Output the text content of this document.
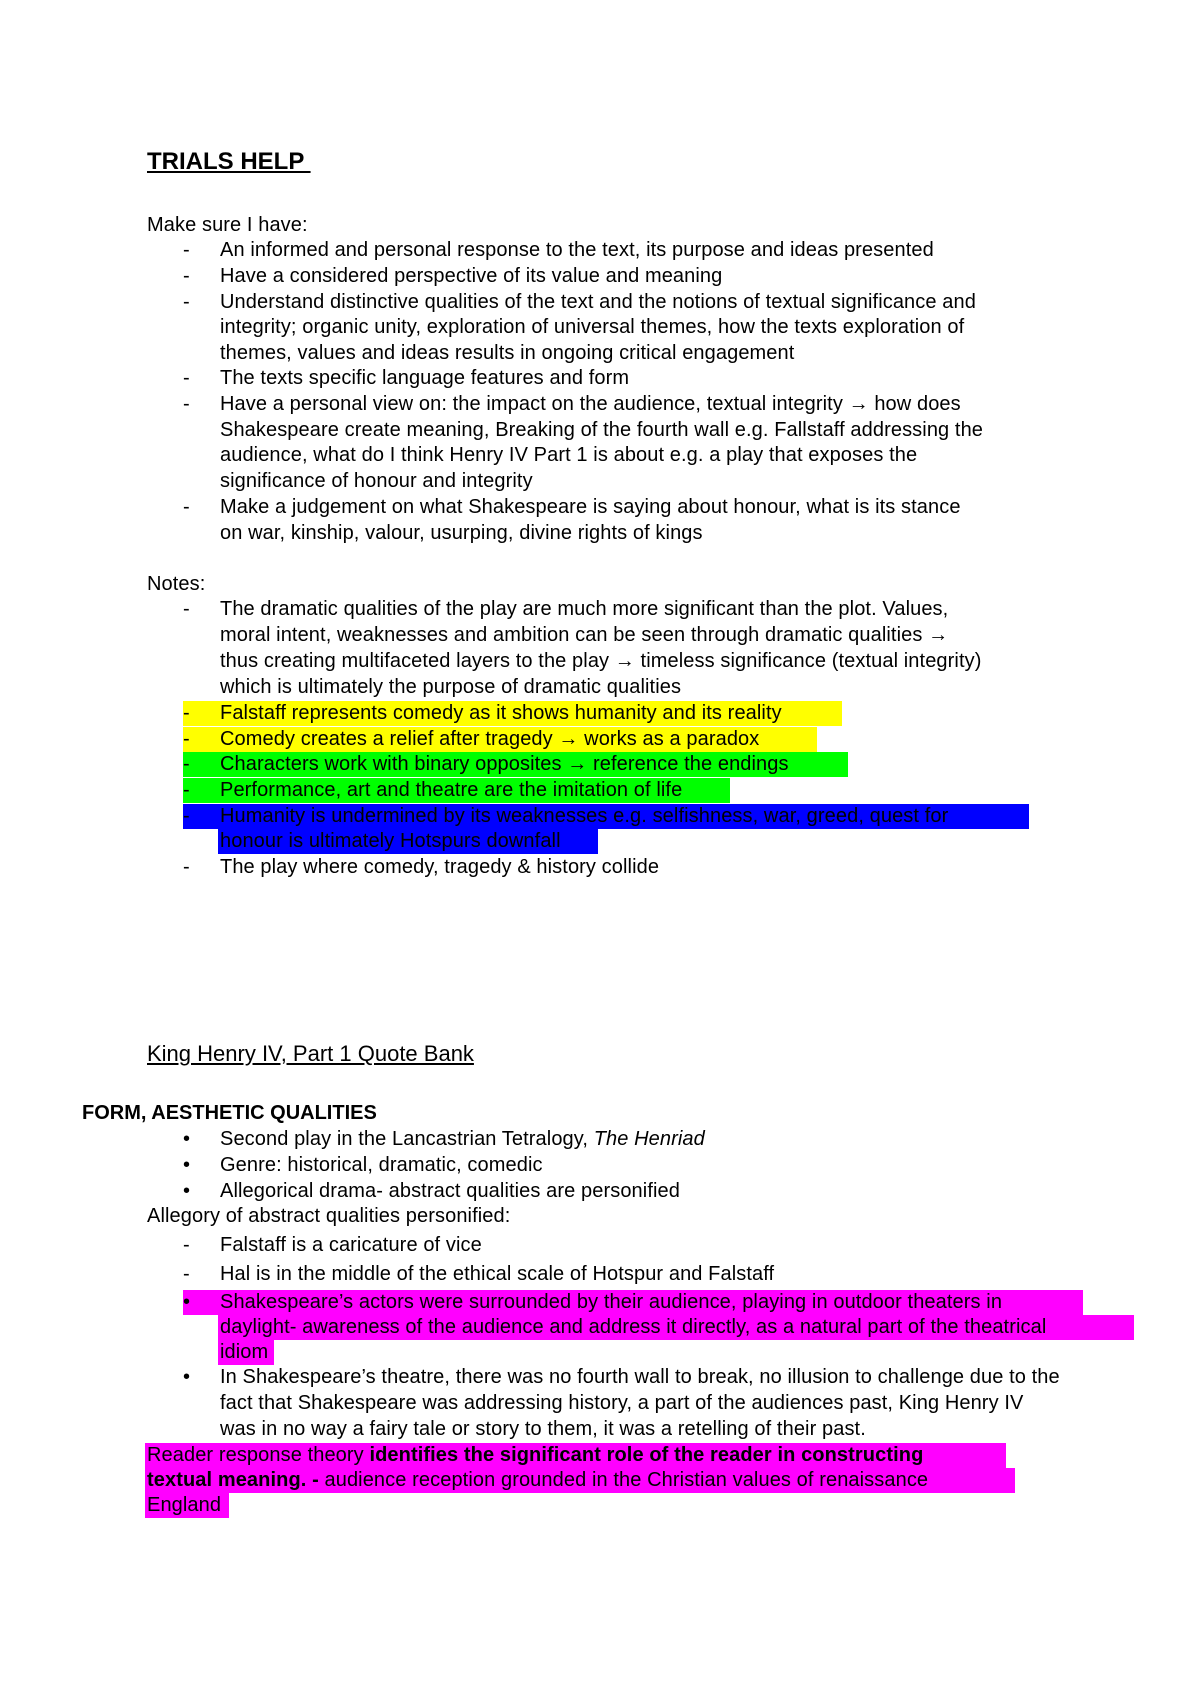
TRIALS HELP
Make sure I have:
- An informed and personal response to the text, its purpose and ideas presented
- Have a considered perspective of its value and meaning
- Understand distinctive qualities of the text and the notions of textual significance and
integrity; organic unity, exploration of universal themes, how the texts exploration of
themes, values and ideas results in ongoing critical engagement
- The texts specific language features and form
- Have a personal view on: the impact on the audience, textual integrity → how does
Shakespeare create meaning, Breaking of the fourth wall e.g. Fallstaff addressing the
audience, what do I think Henry IV Part 1 is about e.g. a play that exposes the
significance of honour and integrity
- Make a judgement on what Shakespeare is saying about honour, what is its stance
on war, kinship, valour, usurping, divine rights of kings
Notes:
- The dramatic qualities of the play are much more significant than the plot. Values,
moral intent, weaknesses and ambition can be seen through dramatic qualities →
thus creating multifaceted layers to the play → timeless significance (textual integrity)
which is ultimately the purpose of dramatic qualities
- Falstaff represents comedy as it shows humanity and its reality
- Comedy creates a relief after tragedy → works as a paradox
- Characters work with binary opposites → reference the endings
- Performance, art and theatre are the imitation of life
- Humanity is undermined by its weaknesses e.g. selfishness, war, greed, quest for
honour is ultimately Hotspurs downfall
- The play where comedy, tragedy & history collide
King Henry IV, Part 1 Quote Bank
FORM, AESTHETIC QUALITIES
• Second play in the Lancastrian Tetralogy, The Henriad
• Genre: historical, dramatic, comedic
• Allegorical drama- abstract qualities are personified
Allegory of abstract qualities personified:
- Falstaff is a caricature of vice
- Hal is in the middle of the ethical scale of Hotspur and Falstaff
• Shakespeare’s actors were surrounded by their audience, playing in outdoor theaters in
daylight- awareness of the audience and address it directly, as a natural part of the theatrical
idiom
• In Shakespeare’s theatre, there was no fourth wall to break, no illusion to challenge due to the
fact that Shakespeare was addressing history, a part of the audiences past, King Henry IV
was in no way a fairy tale or story to them, it was a retelling of their past.
Reader response theory identifies the significant role of the reader in constructing
textual meaning. - audience reception grounded in the Christian values of renaissance
England
